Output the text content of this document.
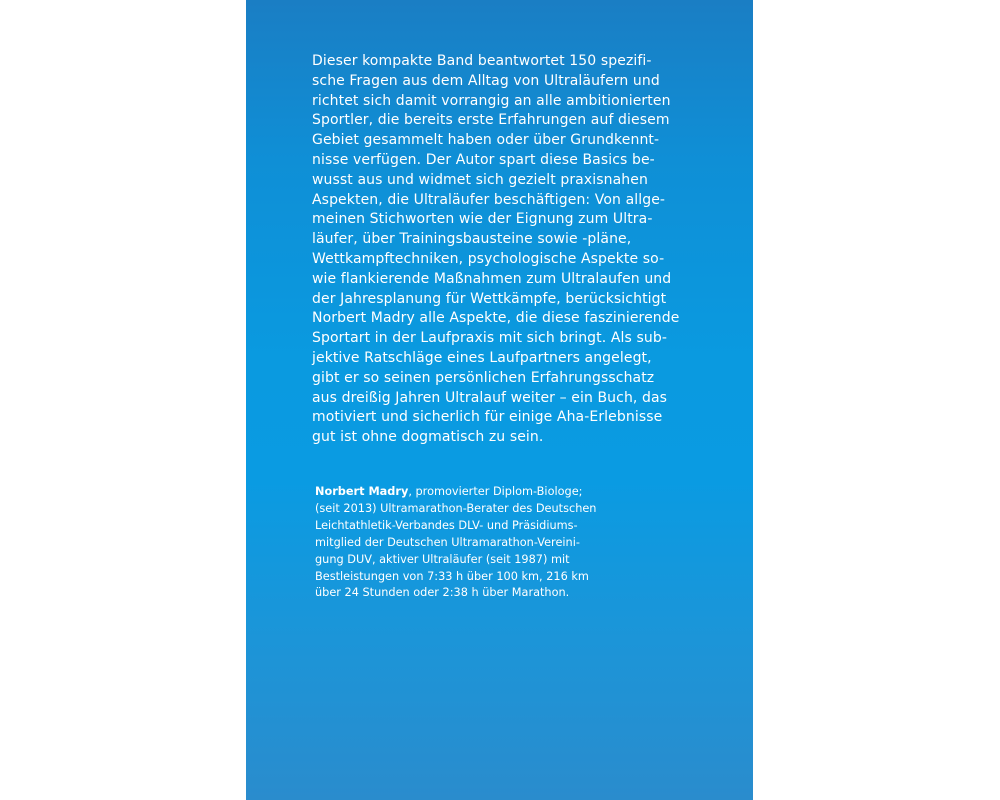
Dieser kompakte Band beantwortet 150 spezifi-
sche Fragen aus dem Alltag von Ultraläufern und
richtet sich damit vorrangig an alle ambitionierten
Sportler, die bereits erste Erfahrungen auf diesem
Gebiet gesammelt haben oder über Grundkennt-
nisse verfügen. Der Autor spart diese Basics be-
wusst aus und widmet sich gezielt praxisnahen
Aspekten, die Ultraläufer beschäftigen: Von allge-
meinen Stichworten wie der Eignung zum Ultra-
läufer, über Trainingsbausteine sowie -pläne,
Wettkampftechniken, psychologische Aspekte so-
wie flankierende Maßnahmen zum Ultralaufen und
der Jahresplanung für Wettkämpfe, berücksichtigt
Norbert Madry alle Aspekte, die diese faszinierende
Sportart in der Laufpraxis mit sich bringt. Als sub-
jektive Ratschläge eines Laufpartners angelegt,
gibt er so seinen persönlichen Erfahrungsschatz
aus dreißig Jahren Ultralauf weiter – ein Buch, das
motiviert und sicherlich für einige Aha-Erlebnisse
gut ist ohne dogmatisch zu sein.

Norbert Madry, promovierter Diplom-Biologe;
(seit 2013) Ultramarathon-Berater des Deutschen
Leichtathletik-Verbandes DLV- und Präsidiums-
mitglied der Deutschen Ultramarathon-Vereini-
gung DUV, aktiver Ultraläufer (seit 1987) mit
Bestleistungen von 7:33 h über 100 km, 216 km
über 24 Stunden oder 2:38 h über Marathon.
